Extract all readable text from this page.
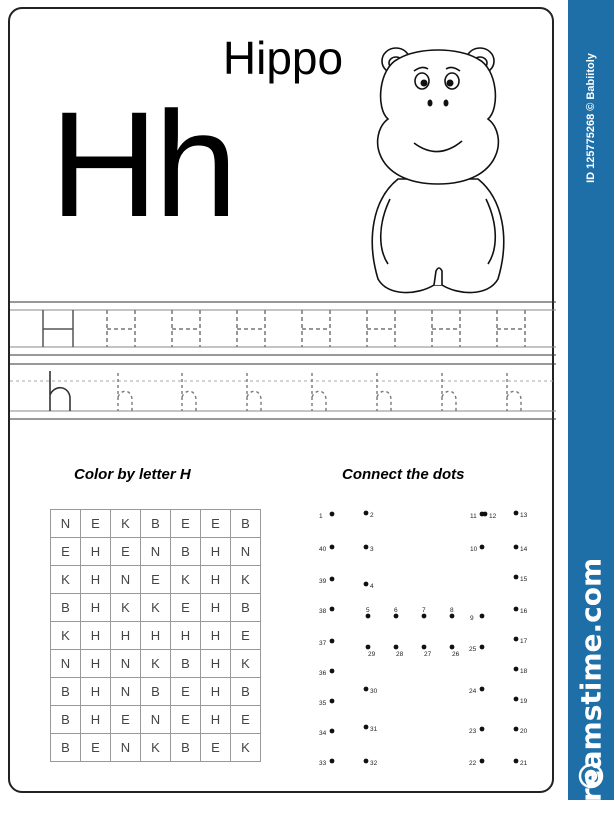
Hippo
Hh
Color by letter H	Connect the dots
N	E	K	B	E	E	B
E	H	E	N	B	H	N
K	H	N	E	K	H	K
B	H	K	K	E	H	B
K	H	H	H	H	H	E
N	H	N	K	B	H	K
B	H	N	B	E	H	B
B	H	E	N	E	H	E
B	E	N	K	B	E	K
1	2
3
4
5	6	7	8
9
10
11 12	13
14
15
16
17
18
19
20
21
22
23
24
25
26
27
28
29
30
31
32
33
34
35
36
37
38
39
40
ID 125775268 © Babiitoly
dreamstime.com
